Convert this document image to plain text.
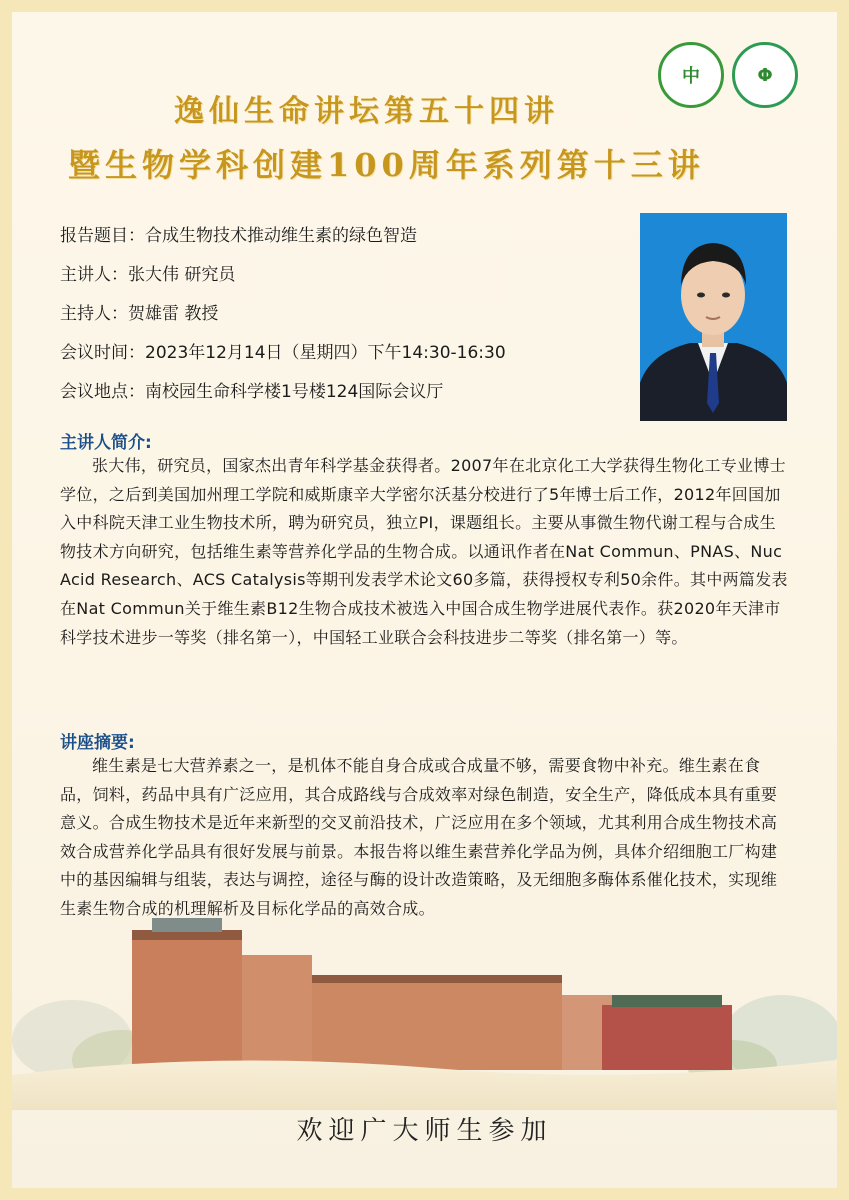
中	Φ
逸仙生命讲坛第五十四讲
暨生物学科创建100周年系列第十三讲
报告题目： 合成生物技术推动维生素的绿色智造
主讲人： 张大伟 研究员
主持人： 贺雄雷 教授
会议时间： 2023年12月14日（星期四）下午14:30-16:30
会议地点： 南校园生命科学楼1号楼124国际会议厅
主讲人简介:

张大伟，研究员，国家杰出青年科学基金获得者。2007年在北京化工大学获得生物化工专业博士学位，之后到美国加州理工学院和威斯康辛大学密尔沃基分校进行了5年博士后工作，2012年回国加入中科院天津工业生物技术所，聘为研究员，独立PI，课题组长。主要从事微生物代谢工程与合成生物技术方向研究，包括维生素等营养化学品的生物合成。以通讯作者在Nat Commun、PNAS、Nuc Acid Research、ACS Catalysis等期刊发表学术论文60多篇，获得授权专利50余件。其中两篇发表在Nat Commun关于维生素B12生物合成技术被选入中国合成生物学进展代表作。获2020年天津市科学技术进步一等奖（排名第一），中国轻工业联合会科技进步二等奖（排名第一）等。

讲座摘要:

维生素是七大营养素之一，是机体不能自身合成或合成量不够，需要食物中补充。维生素在食品，饲料，药品中具有广泛应用，其合成路线与合成效率对绿色制造，安全生产，降低成本具有重要意义。合成生物技术是近年来新型的交叉前沿技术，广泛应用在多个领域，尤其利用合成生物技术高效合成营养化学品具有很好发展与前景。本报告将以维生素营养化学品为例，具体介绍细胞工厂构建中的基因编辑与组装，表达与调控，途径与酶的设计改造策略，及无细胞多酶体系催化技术，实现维生素生物合成的机理解析及目标化学品的高效合成。

欢迎广大师生参加
